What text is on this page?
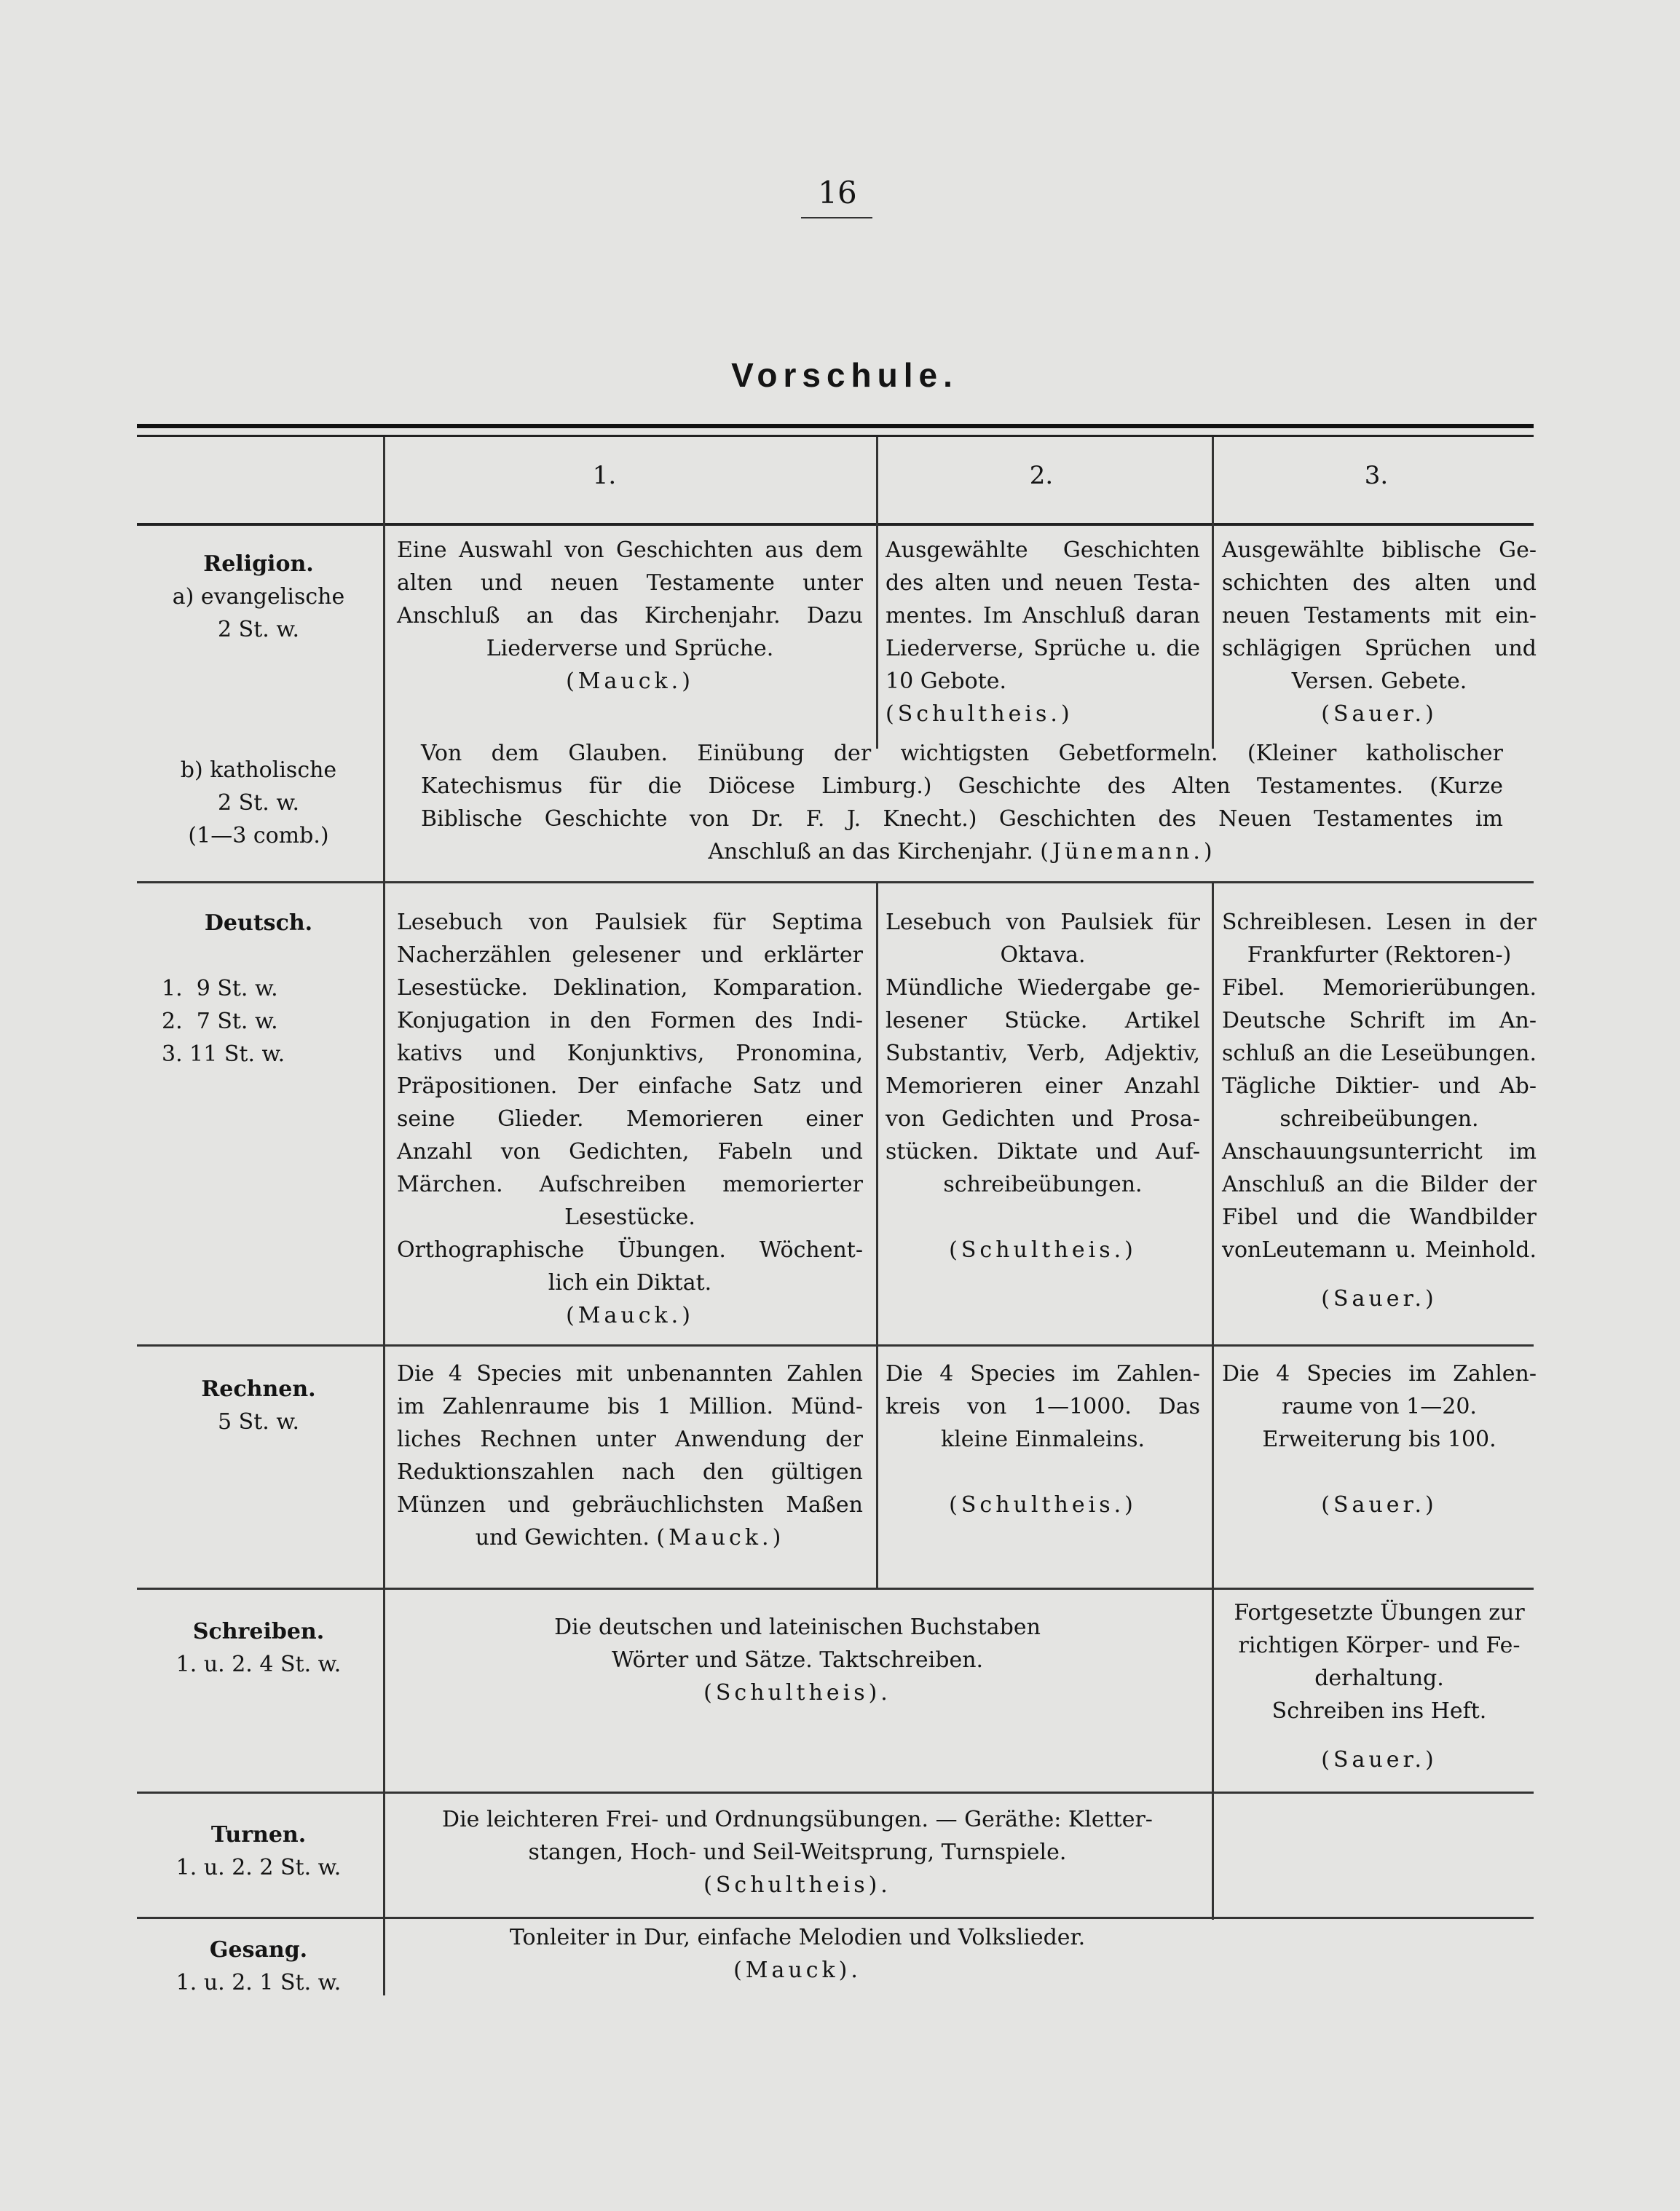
16
Vorschule.
1.	2.	3.

Religion.

a) evangelische

2 St. w.

b) katholische

2 St. w.

(1—3 comb.)

Eine Auswahl von Geschichten aus dem

alten und neuen Testamente unter

Anschluß an das Kirchenjahr. Dazu

Liederverse und Sprüche.

(Mauck.)

Ausgewählte Geschichten

des alten und neuen Testa-

mentes. Im Anschluß daran

Liederverse, Sprüche u. die

10 Gebote. (Schultheis.)

Ausgewählte biblische Ge-

schichten des alten und

neuen Testaments mit ein-

schlägigen Sprüchen und

Versen. Gebete.

(Sauer.)

Von dem Glauben. Einübung der wichtigsten Gebetformeln. (Kleiner katholischer

Katechismus für die Diöcese Limburg.) Geschichte des Alten Testamentes. (Kurze

Biblische Geschichte von Dr. F. J. Knecht.) Geschichten des Neuen Testamentes im

Anschluß an das Kirchenjahr. (Jünemann.)

Deutsch.

1.  9 St. w.

2.  7 St. w.

3. 11 St. w.

Lesebuch von Paulsiek für Septima

Nacherzählen gelesener und erklärter

Lesestücke. Deklination, Komparation.

Konjugation in den Formen des Indi-

kativs und Konjunktivs, Pronomina,

Präpositionen. Der einfache Satz und

seine Glieder. Memorieren einer

Anzahl von Gedichten, Fabeln und

Märchen. Aufschreiben memorierter

Lesestücke.

Orthographische Übungen. Wöchent-

lich ein Diktat.

(Mauck.)

Lesebuch von Paulsiek für

Oktava.

Mündliche Wiedergabe ge-

lesener Stücke. Artikel

Substantiv, Verb, Adjektiv,

Memorieren einer Anzahl

von Gedichten und Prosa-

stücken. Diktate und Auf-

schreibeübungen.

(Schultheis.)

Schreiblesen. Lesen in der

Frankfurter (Rektoren-)

Fibel. Memorierübungen.

Deutsche Schrift im An-

schluß an die Leseübungen.

Tägliche Diktier- und Ab-

schreibeübungen.

Anschauungsunterricht im

Anschluß an die Bilder der

Fibel und die Wandbilder

vonLeutemann u. Meinhold.

(Sauer.)

Rechnen.

5 St. w.

Die 4 Species mit unbenannten Zahlen

im Zahlenraume bis 1 Million. Münd-

liches Rechnen unter Anwendung der

Reduktionszahlen nach den gültigen

Münzen und gebräuchlichsten Maßen

und Gewichten. (Mauck.)

Die 4 Species im Zahlen-

kreis von 1—1000. Das

kleine Einmaleins.

(Schultheis.)

Die 4 Species im Zahlen-

raume von 1—20.

Erweiterung bis 100.

(Sauer.)

Schreiben.

1. u. 2. 4 St. w.

Die deutschen und lateinischen Buchstaben

Wörter und Sätze. Taktschreiben.

(Schultheis).

Fortgesetzte Übungen zur

richtigen Körper- und Fe-

derhaltung.

Schreiben ins Heft.

(Sauer.)

Turnen.

1. u. 2. 2 St. w.

Die leichteren Frei- und Ordnungsübungen. — Geräthe: Kletter-

stangen, Hoch- und Seil-Weitsprung, Turnspiele.

(Schultheis).

Gesang.

1. u. 2. 1 St. w.

Tonleiter in Dur, einfache Melodien und Volkslieder.

(Mauck).
